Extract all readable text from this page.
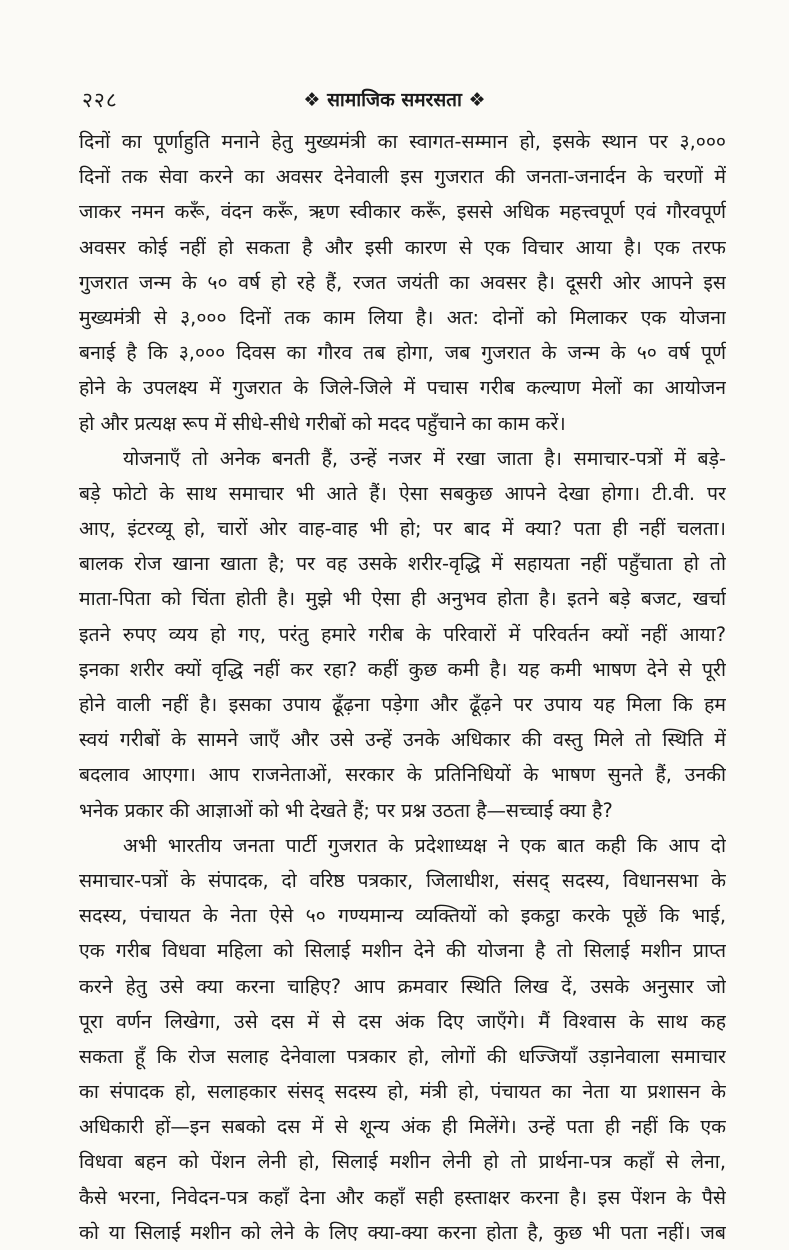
२२८	❖ सामाजिक समरसता ❖
दिनों का पूर्णाहुति मनाने हेतु मुख्यमंत्री का स्वागत-सम्मान हो, इसके स्थान पर ३,०००
दिनों तक सेवा करने का अवसर देनेवाली इस गुजरात की जनता-जनार्दन के चरणों में
जाकर नमन करूँ, वंदन करूँ, ऋण स्वीकार करूँ, इससे अधिक महत्त्वपूर्ण एवं गौरवपूर्ण
अवसर कोई नहीं हो सकता है और इसी कारण से एक विचार आया है। एक तरफ
गुजरात जन्म के ५० वर्ष हो रहे हैं, रजत जयंती का अवसर है। दूसरी ओर आपने इस
मुख्यमंत्री से ३,००० दिनों तक काम लिया है। अत: दोनों को मिलाकर एक योजना
बनाई है कि ३,००० दिवस का गौरव तब होगा, जब गुजरात के जन्म के ५० वर्ष पूर्ण
होने के उपलक्ष्य में गुजरात के जिले-जिले में पचास गरीब कल्याण मेलों का आयोजन
हो और प्रत्यक्ष रूप में सीधे-सीधे गरीबों को मदद पहुँचाने का काम करें।
योजनाएँ तो अनेक बनती हैं, उन्हें नजर में रखा जाता है। समाचार-पत्रों में बड़े-
बड़े फोटो के साथ समाचार भी आते हैं। ऐसा सबकुछ आपने देखा होगा। टी.वी. पर
आए, इंटरव्यू हो, चारों ओर वाह-वाह भी हो; पर बाद में क्या? पता ही नहीं चलता।
बालक रोज खाना खाता है; पर वह उसके शरीर-वृद्धि में सहायता नहीं पहुँचाता हो तो
माता-पिता को चिंता होती है। मुझे भी ऐसा ही अनुभव होता है। इतने बड़े बजट, खर्चा
इतने रुपए व्यय हो गए, परंतु हमारे गरीब के परिवारों में परिवर्तन क्यों नहीं आया?
इनका शरीर क्यों वृद्धि नहीं कर रहा? कहीं कुछ कमी है। यह कमी भाषण देने से पूरी
होने वाली नहीं है। इसका उपाय ढूँढ़ना पड़ेगा और ढूँढ़ने पर उपाय यह मिला कि हम
स्वयं गरीबों के सामने जाएँ और उसे उन्हें उनके अधिकार की वस्तु मिले तो स्थिति में
बदलाव आएगा। आप राजनेताओं, सरकार के प्रतिनिधियों के भाषण सुनते हैं, उनकी
भनेक प्रकार की आज्ञाओं को भी देखते हैं; पर प्रश्न उठता है—सच्चाई क्या है?
अभी भारतीय जनता पार्टी गुजरात के प्रदेशाध्यक्ष ने एक बात कही कि आप दो
समाचार-पत्रों के संपादक, दो वरिष्ठ पत्रकार, जिलाधीश, संसद् सदस्य, विधानसभा के
सदस्य, पंचायत के नेता ऐसे ५० गण्यमान्य व्यक्तियों को इकट्ठा करके पूछें कि भाई,
एक गरीब विधवा महिला को सिलाई मशीन देने की योजना है तो सिलाई मशीन प्राप्त
करने हेतु उसे क्या करना चाहिए? आप क्रमवार स्थिति लिख दें, उसके अनुसार जो
पूरा वर्णन लिखेगा, उसे दस में से दस अंक दिए जाएँगे। मैं विश्वास के साथ कह
सकता हूँ कि रोज सलाह देनेवाला पत्रकार हो, लोगों की धज्जियाँ उड़ानेवाला समाचार
का संपादक हो, सलाहकार संसद् सदस्य हो, मंत्री हो, पंचायत का नेता या प्रशासन के
अधिकारी हों—इन सबको दस में से शून्य अंक ही मिलेंगे। उन्हें पता ही नहीं कि एक
विधवा बहन को पेंशन लेनी हो, सिलाई मशीन लेनी हो तो प्रार्थना-पत्र कहाँ से लेना,
कैसे भरना, निवेदन-पत्र कहाँ देना और कहाँ सही हस्ताक्षर करना है। इस पेंशन के पैसे
को या सिलाई मशीन को लेने के लिए क्या-क्या करना होता है, कुछ भी पता नहीं। जब
